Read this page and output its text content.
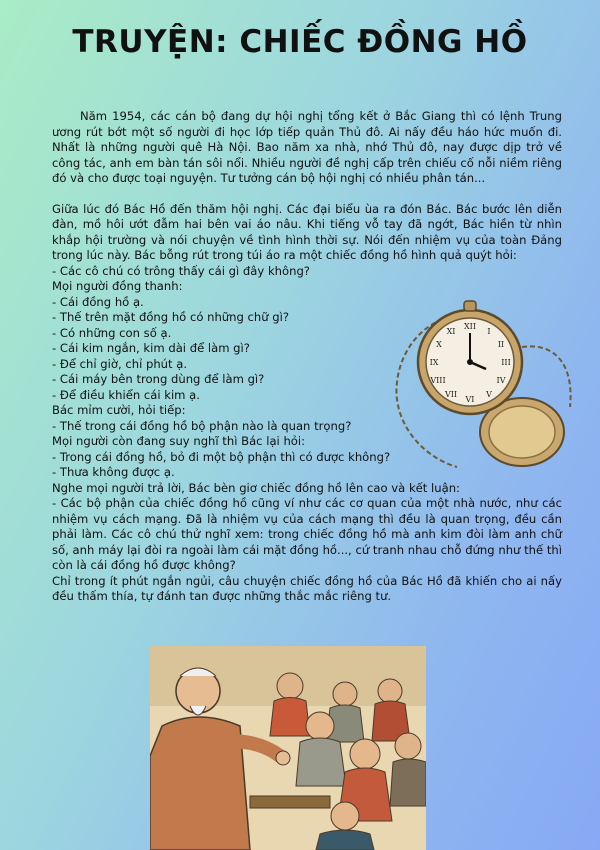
TRUYỆN: CHIẾC ĐỒNG HỒ

Năm 1954, các cán bộ đang dự hội nghị tổng kết ở Bắc Giang thì có lệnh Trung ương rút bớt một số người đi học lớp tiếp quản Thủ đô. Ai nấy đều háo hức muốn đi. Nhất là những người quê Hà Nội. Bao năm xa nhà, nhớ Thủ đô, nay được dịp trở về công tác, anh em bàn tán sôi nổi. Nhiều người đề nghị cấp trên chiếu cố nỗi niềm riêng đó và cho được toại nguyện. Tư tưởng cán bộ hội nghị có nhiều phân tán...

Giữa lúc đó Bác Hồ đến thăm hội nghị. Các đại biểu ùa ra đón Bác. Bác bước lên diễn đàn, mồ hôi ướt đẫm hai bên vai áo nâu. Khi tiếng vỗ tay đã ngớt, Bác hiền từ nhìn khắp hội trường và nói chuyện về tình hình thời sự. Nói đến nhiệm vụ của toàn Đảng trong lúc này. Bác bỗng rút trong túi áo ra một chiếc đồng hồ hình quả quýt hỏi:

- Các cô chú có trông thấy cái gì đây không?
Mọi người đồng thanh:
- Cái đồng hồ ạ.
- Thế trên mặt đồng hồ có những chữ gì?
- Có những con số ạ.
- Cái kim ngắn, kim dài để làm gì?
- Để chỉ giờ, chỉ phút ạ.
- Cái máy bên trong dùng để làm gì?
- Để điều khiển cái kim ạ.
Bác mỉm cười, hỏi tiếp:
- Thế trong cái đồng hồ bộ phận nào là quan trọng?
Mọi người còn đang suy nghĩ thì Bác lại hỏi:
- Trong cái đồng hồ, bỏ đi một bộ phận thì có được không?
- Thưa không được ạ.
Nghe mọi người trả lời, Bác bèn giơ chiếc đồng hồ lên cao và kết luận:

- Các bộ phận của chiếc đồng hồ cũng ví như các cơ quan của một nhà nước, như các nhiệm vụ cách mạng. Đã là nhiệm vụ của cách mạng thì đều là quan trọng, đều cần phải làm. Các cô chú thử nghĩ xem: trong chiếc đồng hồ mà anh kim đòi làm anh chữ số, anh máy lại đòi ra ngoài làm cái mặt đồng hồ..., cứ tranh nhau chỗ đứng như thế thì còn là cái đồng hồ được không?

Chỉ trong ít phút ngắn ngủi, câu chuyện chiếc đồng hồ của Bác Hồ đã khiến cho ai nấy đều thấm thía, tự đánh tan được những thắc mắc riêng tư.

XII
I
II
III
IV
V
VI
VII
VIII
IX
X
XI
